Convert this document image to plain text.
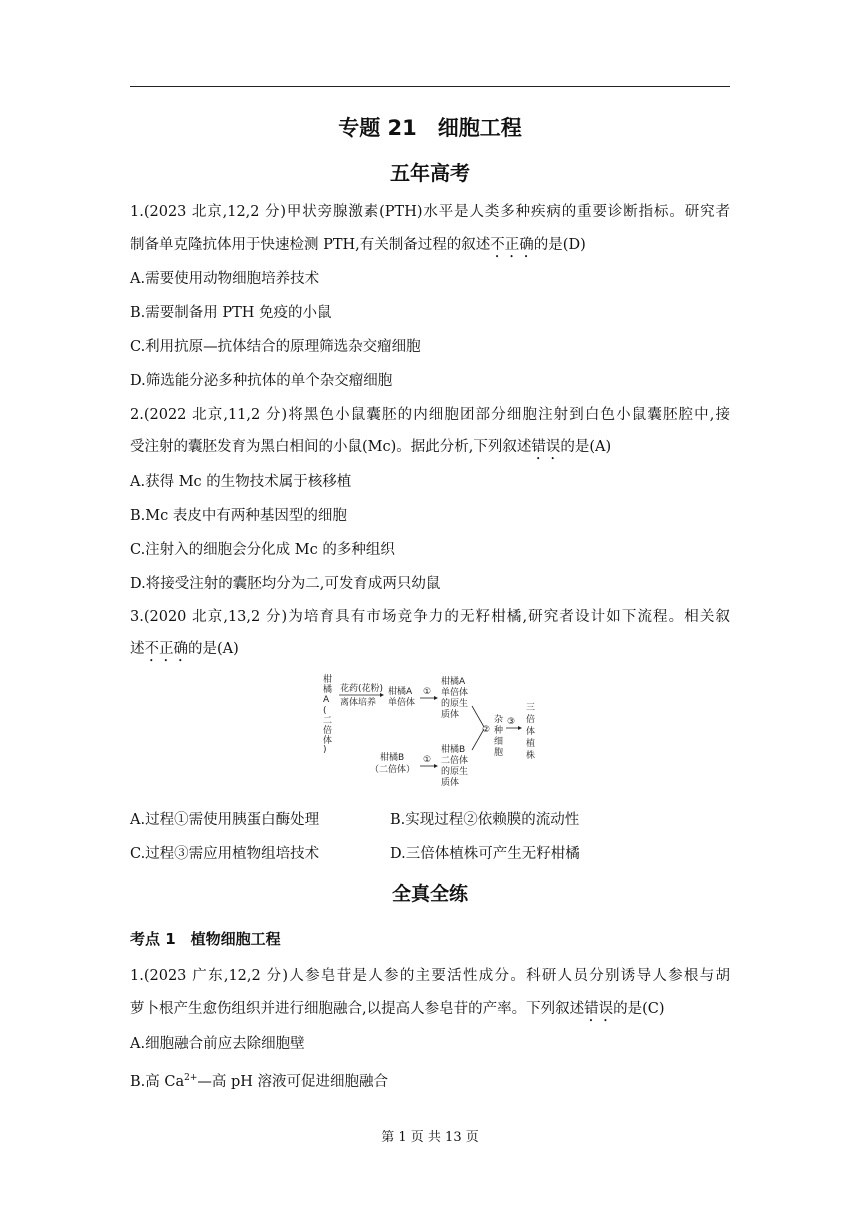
专题 21　细胞工程
五年高考
1.(2023 北京,12,2 分)甲状旁腺激素(PTH)水平是人类多种疾病的重要诊断指标。研究者
制备单克隆抗体用于快速检测 PTH,有关制备过程的叙述不正确的是(D)
A.需要使用动物细胞培养技术
B.需要制备用 PTH 免疫的小鼠
C.利用抗原—抗体结合的原理筛选杂交瘤细胞
D.筛选能分泌多种抗体的单个杂交瘤细胞
2.(2022 北京,11,2 分)将黑色小鼠囊胚的内细胞团部分细胞注射到白色小鼠囊胚腔中,接
受注射的囊胚发育为黑白相间的小鼠(Mc)。据此分析,下列叙述错误的是(A)
A.获得 Mc 的生物技术属于核移植
B.Mc 表皮中有两种基因型的细胞
C.注射入的细胞会分化成 Mc 的多种组织
D.将接受注射的囊胚均分为二,可发育成两只幼鼠
3.(2020 北京,13,2 分)为培育具有市场竞争力的无籽柑橘,研究者设计如下流程。相关叙
述不正确的是(A)
柑橘 A (二倍体)
花药(花粉)
离体培养
柑橘A
单倍体
①
柑橘A
单倍体
的原生
质体
②
杂
种
细
胞
③
三
倍
体
植
株
柑橘B
（二倍体）
①
柑橘B
二倍体
的原生
质体
A.过程①需使用胰蛋白酶处理	B.实现过程②依赖膜的流动性
C.过程③需应用植物组培技术	D.三倍体植株可产生无籽柑橘
全真全练
考点 1　植物细胞工程
1.(2023 广东,12,2 分)人参皂苷是人参的主要活性成分。科研人员分别诱导人参根与胡
萝卜根产生愈伤组织并进行细胞融合,以提高人参皂苷的产率。下列叙述错误的是(C)
A.细胞融合前应去除细胞壁
B.高 $Ca^{2+}—$高 pH 溶液可促进细胞融合
第 1 页 共 13 页
